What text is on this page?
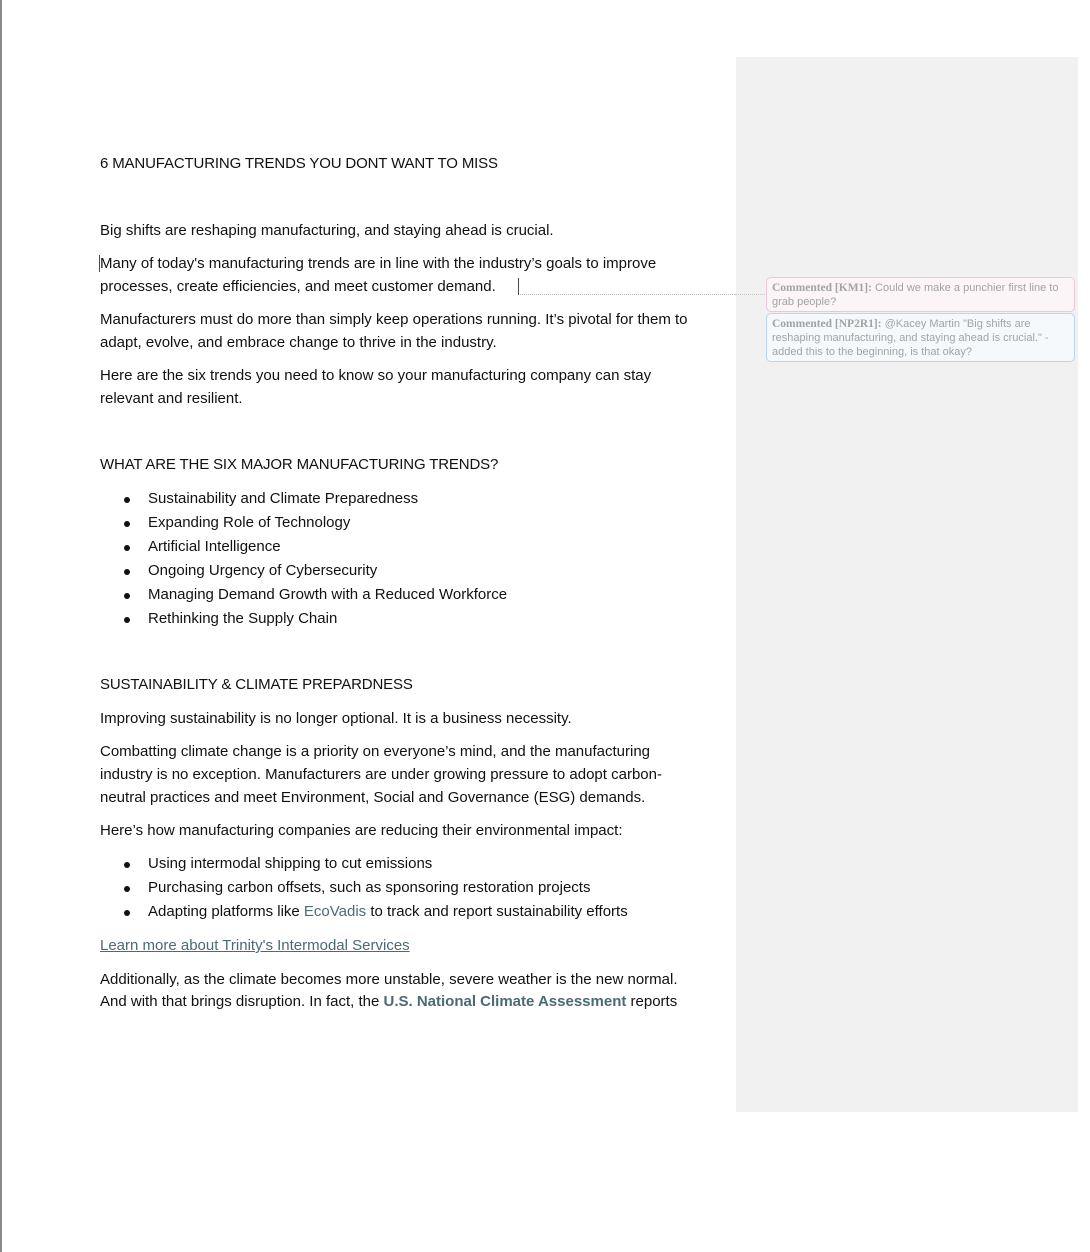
6 MANUFACTURING TRENDS YOU DONT WANT TO MISS

Big shifts are reshaping manufacturing, and staying ahead is crucial.

Many of today's manufacturing trends are in line with the industry’s goals to improve

processes, create efficiencies, and meet customer demand.

Manufacturers must do more than simply keep operations running. It’s pivotal for them to

adapt, evolve, and embrace change to thrive in the industry.

Here are the six trends you need to know so your manufacturing company can stay

relevant and resilient.

WHAT ARE THE SIX MAJOR MANUFACTURING TRENDS?

Sustainability and Climate Preparedness
Expanding Role of Technology
Artificial Intelligence
Ongoing Urgency of Cybersecurity
Managing Demand Growth with a Reduced Workforce
Rethinking the Supply Chain

SUSTAINABILITY & CLIMATE PREPARDNESS

Improving sustainability is no longer optional. It is a business necessity.

Combatting climate change is a priority on everyone’s mind, and the manufacturing

industry is no exception. Manufacturers are under growing pressure to adopt carbon-

neutral practices and meet Environment, Social and Governance (ESG) demands.

Here’s how manufacturing companies are reducing their environmental impact:

Using intermodal shipping to cut emissions
Purchasing carbon offsets, such as sponsoring restoration projects
Adapting platforms like EcoVadis to track and report sustainability efforts

Learn more about Trinity's Intermodal Services

Additionally, as the climate becomes more unstable, severe weather is the new normal.

And with that brings disruption. In fact, the U.S. National Climate Assessment reports

Commented [KM1]: Could we make a punchier first line to grab people?
Commented [NP2R1]: @Kacey Martin "Big shifts are reshaping manufacturing, and staying ahead is crucial." - added this to the beginning, is that okay?
